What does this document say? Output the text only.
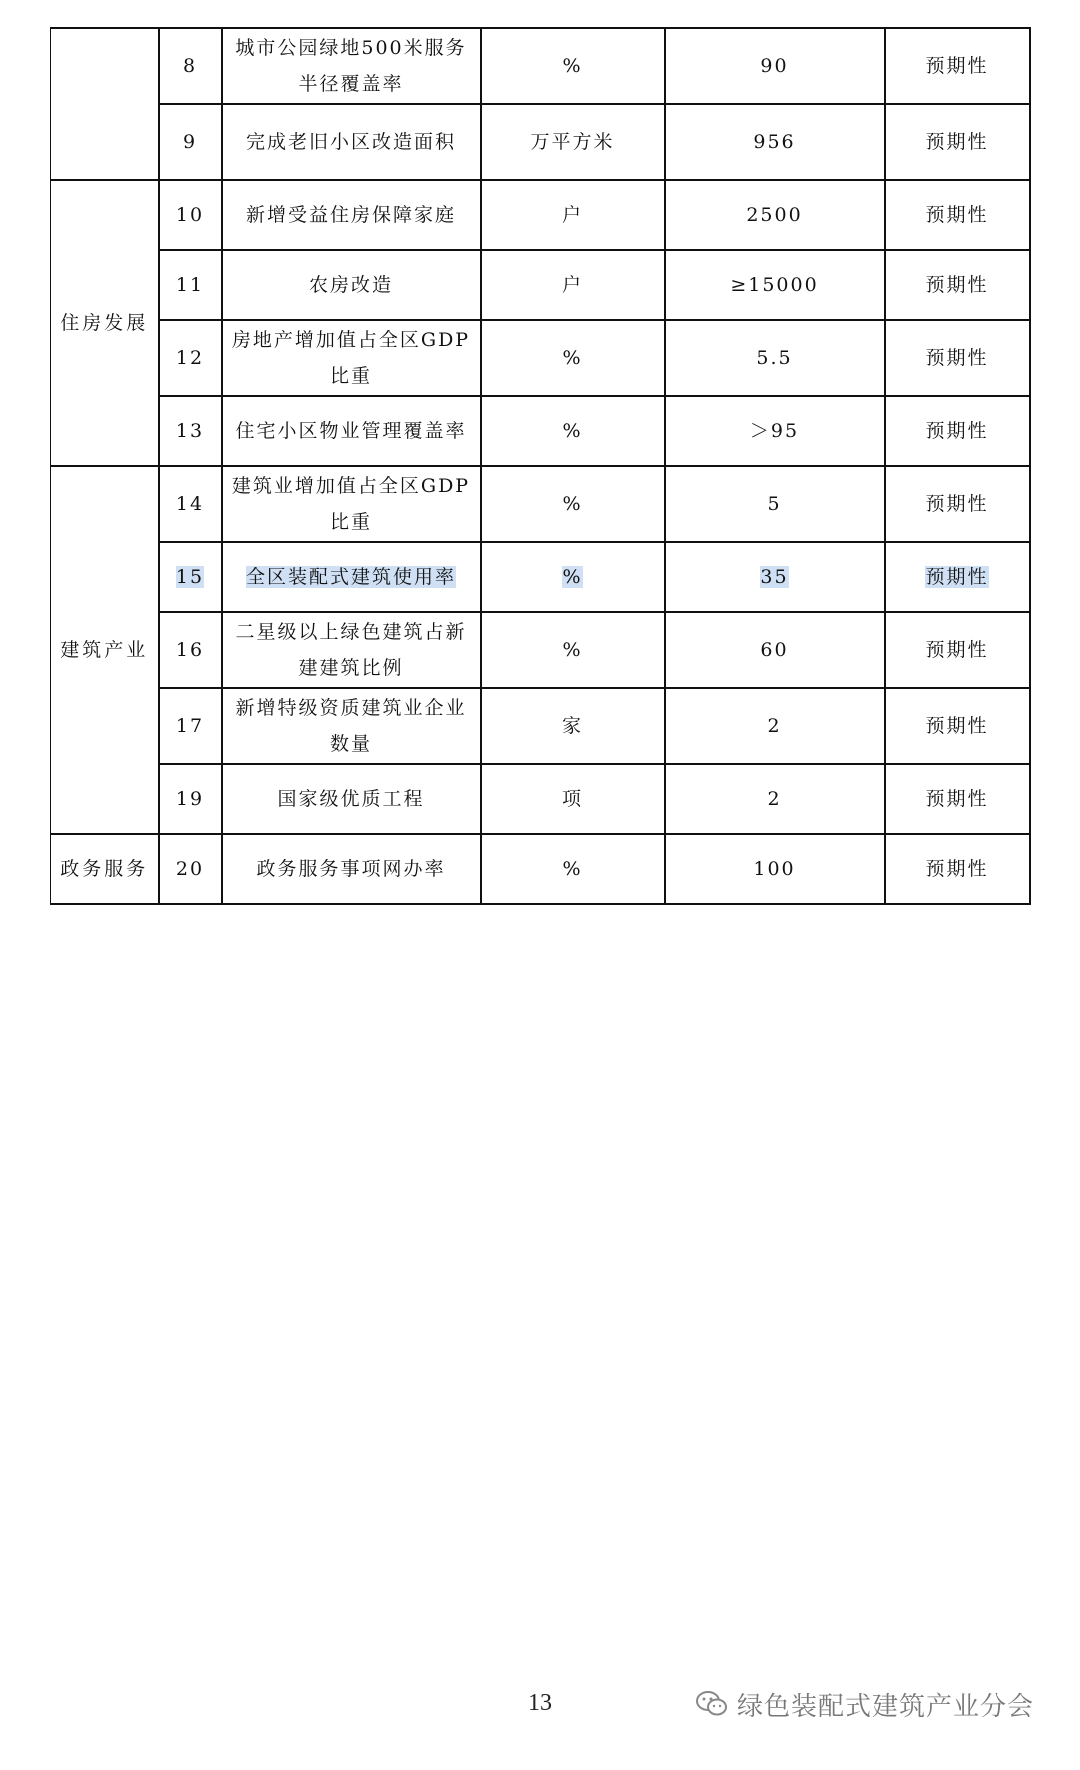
	8	城市公园绿地500米服务半径覆盖率	%	90	预期性
	9	完成老旧小区改造面积	万平方米	956	预期性
住房发展	10	新增受益住房保障家庭	户	2500	预期性
	11	农房改造	户	≥15000	预期性
	12	房地产增加值占全区GDP比重	%	5.5	预期性
	13	住宅小区物业管理覆盖率	%	＞95	预期性
建筑产业	14	建筑业增加值占全区GDP比重	%	5	预期性
	15	全区装配式建筑使用率	%	35	预期性
	16	二星级以上绿色建筑占新建建筑比例	%	60	预期性
	17	新增特级资质建筑业企业数量	家	2	预期性
	19	国家级优质工程	项	2	预期性
政务服务	20	政务服务事项网办率	%	100	预期性
13	绿色装配式建筑产业分会
